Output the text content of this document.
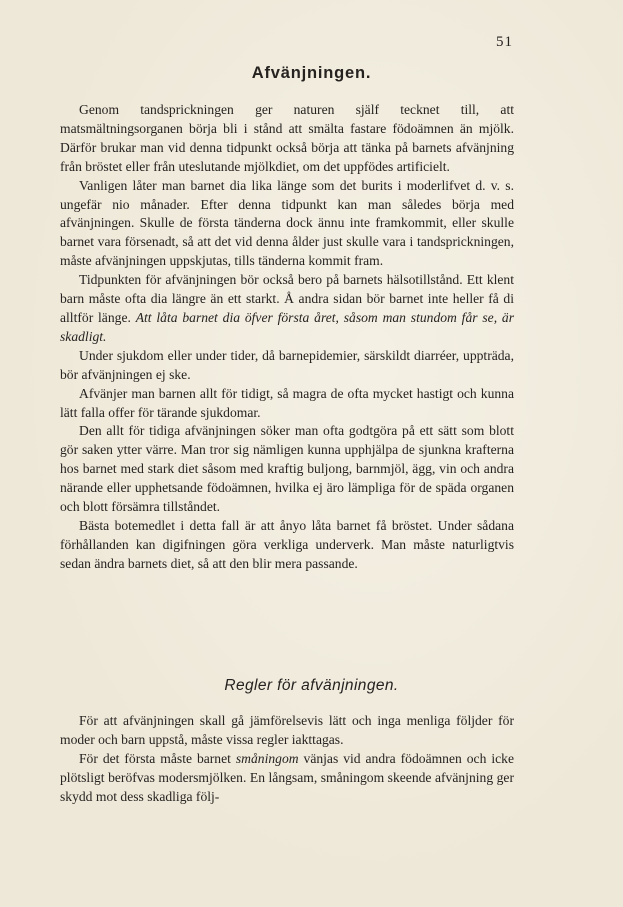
51
Afvänjningen.

Genom tandsprickningen ger naturen själf tecknet till, att matsmältningsorganen börja bli i stånd att smälta fastare födoämnen än mjölk. Därför brukar man vid denna tidpunkt också börja att tänka på barnets afvänjning från bröstet eller från uteslutande mjölkdiet, om det uppfödes artificielt.

Vanligen låter man barnet dia lika länge som det burits i moderlifvet d. v. s. ungefär nio månader. Efter denna tidpunkt kan man således börja med afvänjningen. Skulle de första tänderna dock ännu inte framkommit, eller skulle barnet vara försenadt, så att det vid denna ålder just skulle vara i tandsprickningen, måste afvänjningen uppskjutas, tills tänderna kommit fram.

Tidpunkten för afvänjningen bör också bero på barnets hälsotillstånd. Ett klent barn måste ofta dia längre än ett starkt. Å andra sidan bör barnet inte heller få di alltför länge. Att låta barnet dia öfver första året, såsom man stundom får se, är skadligt.

Under sjukdom eller under tider, då barnepidemier, särskildt diarréer, uppträda, bör afvänjningen ej ske.

Afvänjer man barnen allt för tidigt, så magra de ofta mycket hastigt och kunna lätt falla offer för tärande sjukdomar.

Den allt för tidiga afvänjningen söker man ofta godtgöra på ett sätt som blott gör saken ytter värre. Man tror sig nämligen kunna upphjälpa de sjunkna krafterna hos barnet med stark diet såsom med kraftig buljong, barnmjöl, ägg, vin och andra närande eller upphetsande födoämnen, hvilka ej äro lämpliga för de späda organen och blott försämra tillståndet.

Bästa botemedlet i detta fall är att ånyo låta barnet få bröstet. Under sådana förhållanden kan digifningen göra verkliga underverk. Man måste naturligtvis sedan ändra barnets diet, så att den blir mera passande.

Regler för afvänjningen.

För att afvänjningen skall gå jämförelsevis lätt och inga menliga följder för moder och barn uppstå, måste vissa regler iakttagas.

För det första måste barnet småningom vänjas vid andra födoämnen och icke plötsligt beröfvas modersmjölken. En långsam, småningom skeende afvänjning ger skydd mot dess skadliga följ-
